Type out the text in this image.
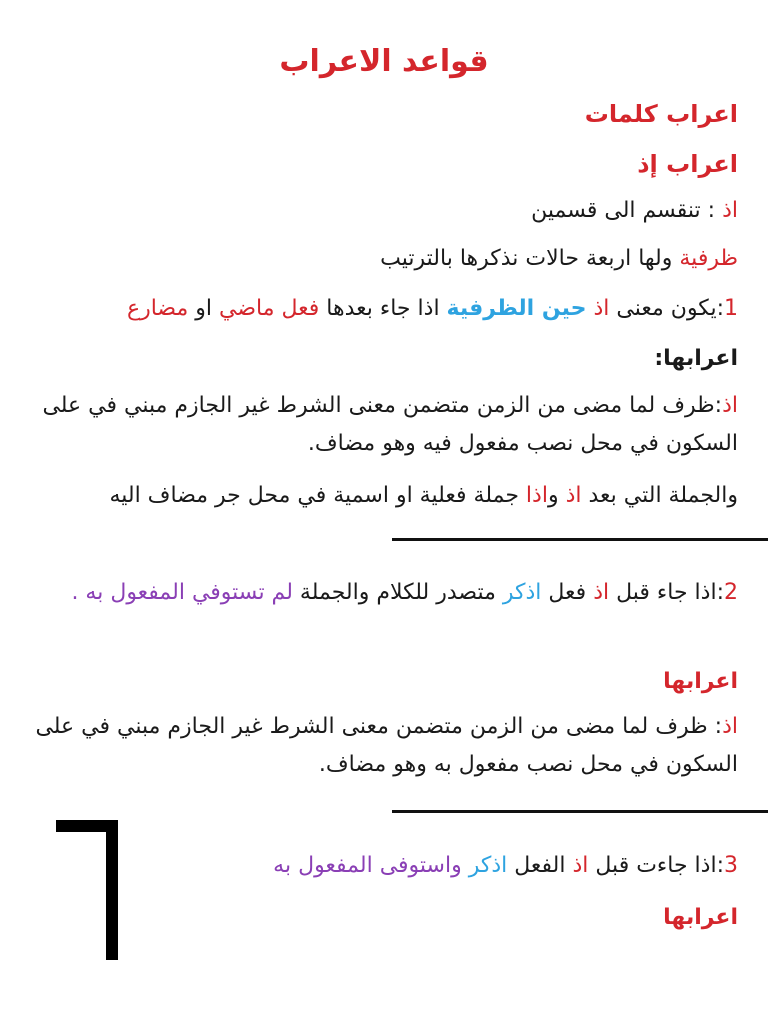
قواعد الاعراب
اعراب كلمات
اعراب إذ
اذ : تنقسم الى قسمين
ظرفية ولها اربعة حالات نذكرها بالترتيب
1:يكون معنى اذ حين الظرفية اذا جاء بعدها فعل ماضي او مضارع
اعرابها:
اذ:ظرف لما مضى من الزمن متضمن معنى الشرط غير الجازم مبني في على السكون في محل نصب مفعول فيه وهو مضاف.
والجملة التي بعد اذ واذا جملة فعلية او اسمية في محل جر مضاف اليه
2:اذا جاء قبل اذ فعل اذكر متصدر للكلام والجملة لم تستوفي المفعول به .
اعرابها
اذ: ظرف لما مضى من الزمن متضمن معنى الشرط غير الجازم مبني في على السكون في محل نصب مفعول به وهو مضاف.
3:اذا جاءت قبل اذ الفعل اذكر واستوفى المفعول به
اعرابها
